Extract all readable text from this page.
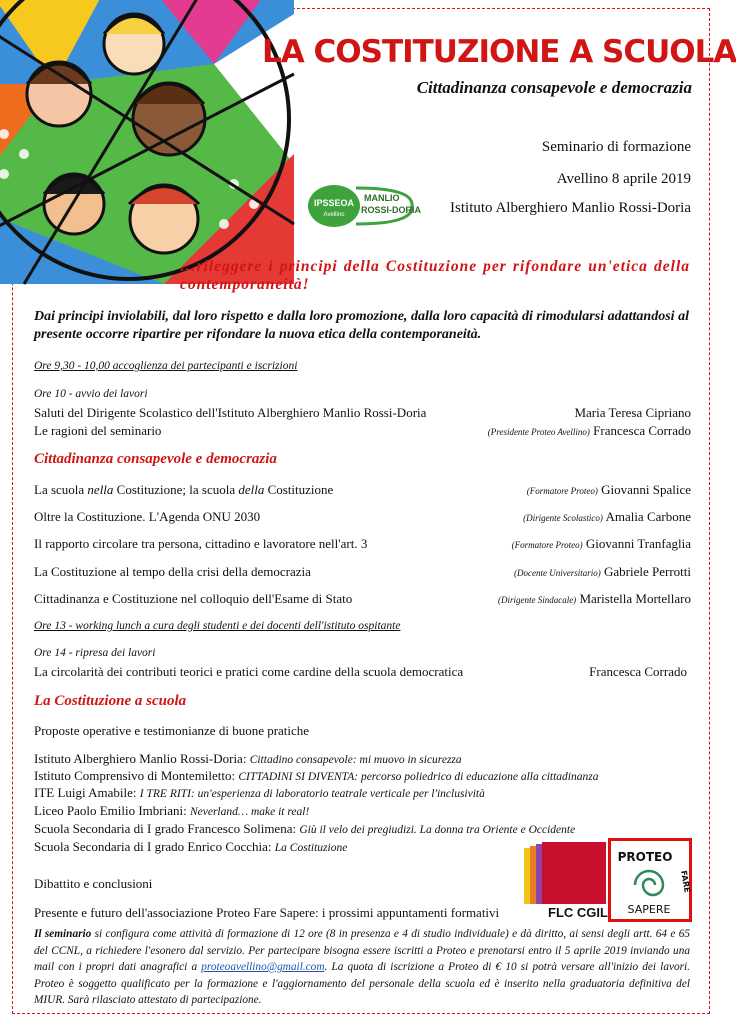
LA COSTITUZIONE A SCUOLA
Cittadinanza consapevole e democrazia
Seminario di formazione
Avellino 8 aprile 2019
Istituto Alberghiero Manlio Rossi-Doria
IPSSEOA
Avellino
MANLIO
ROSSI-DORIA
…rileggere i principi della Costituzione per rifondare un'etica della contemporaneità!
Dai principi inviolabili, dal loro rispetto e dalla loro promozione, dalla loro capacità di rimodularsi adattandosi al presente occorre ripartire per rifondare la nuova etica della contemporaneità.
Ore 9,30 - 10,00 accoglienza dei partecipanti e iscrizioni
Ore 10 - avvio dei lavori
Saluti del Dirigente Scolastico dell'Istituto Alberghiero Manlio Rossi-Doria	Maria Teresa Cipriano
Le ragioni del seminario	(Presidente Proteo Avellino) Francesca Corrado
Cittadinanza consapevole e democrazia
La scuola nella Costituzione; la scuola della Costituzione	(Formatore Proteo) Giovanni Spalice
Oltre la Costituzione. L'Agenda ONU 2030	(Dirigente Scolastico) Amalia Carbone
Il rapporto circolare tra persona, cittadino e lavoratore nell'art. 3	(Formatore Proteo) Giovanni Tranfaglia
La Costituzione al tempo della crisi della democrazia	(Docente Universitario) Gabriele Perrotti
Cittadinanza e Costituzione nel colloquio dell'Esame di Stato	(Dirigente Sindacale) Maristella Mortellaro
Ore 13 - working lunch a cura degli studenti e dei docenti dell'istituto ospitante
Ore 14 - ripresa dei lavori
La circolarità dei contributi teorici e pratici come cardine della scuola democratica	Francesca Corrado
La Costituzione a scuola
Proposte operative e testimonianze di buone pratiche
Istituto Alberghiero Manlio Rossi-Doria: Cittadino consapevole: mi muovo in sicurezza
Istituto Comprensivo di Montemiletto: CITTADINI SI DIVENTA: percorso poliedrico di educazione alla cittadinanza
ITE Luigi Amabile: I TRE RITI: un'esperienza di laboratorio teatrale verticale per l'inclusività
Liceo Paolo Emilio Imbriani: Neverland… make it real!
Scuola Secondaria di I grado Francesco Solimena: Giù il velo dei pregiudizi. La donna tra Oriente e Occidente
Scuola Secondaria di I grado Enrico Cocchia: La Costituzione
Dibattito e conclusioni
Presente e futuro dell'associazione Proteo Fare Sapere: i prossimi appuntamenti formativi	FLC CGIL
PROTEO
FARE
SAPERE
Il seminario si configura come attività di formazione di 12 ore (8 in presenza e 4 di studio individuale) e dà diritto, ai sensi degli artt. 64 e 65 del CCNL, a richiedere l'esonero dal servizio. Per partecipare bisogna essere iscritti a Proteo e prenotarsi entro il 5 aprile 2019 inviando una mail con i propri dati anagrafici a proteoavellino@gmail.com. La quota di iscrizione a Proteo di € 10 si potrà versare all'inizio dei lavori. Proteo è soggetto qualificato per la formazione e l'aggiornamento del personale della scuola ed è inserito nella graduatoria definitiva del MIUR. Sarà rilasciato attestato di partecipazione.
